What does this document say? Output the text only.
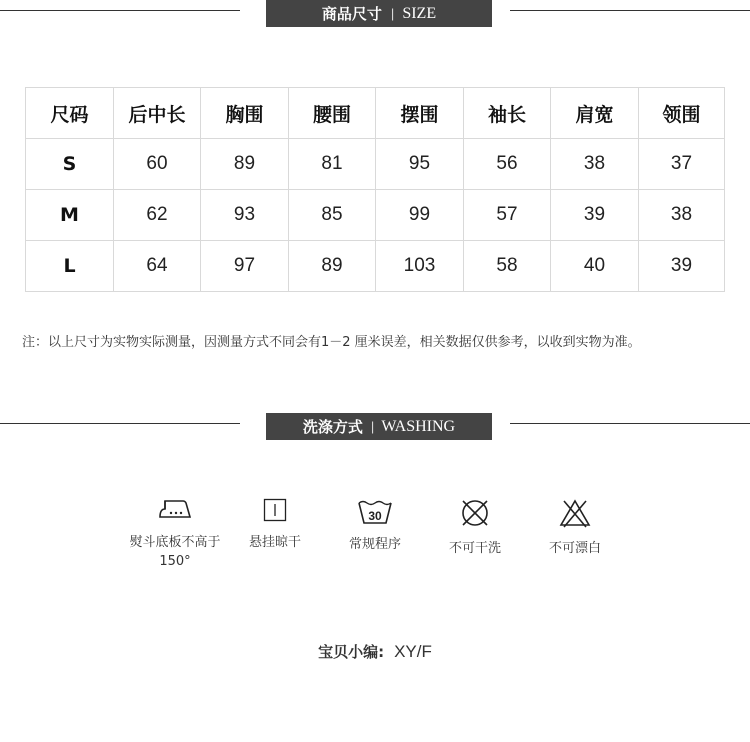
商品尺寸 | SIZE
尺码	后中长	胸围	腰围	摆围	袖长	肩宽	领围
S	60	89	81	95	56	38	37
M	62	93	85	99	57	39	38
L	64	97	89	103	58	40	39
注：以上尺寸为实物实际测量，因测量方式不同会有1－2 厘米误差，相关数据仅供参考，以收到实物为准。
洗涤方式 | WASHING
熨斗底板不高于
150°
悬挂晾干
30
常规程序	不可干洗	不可漂白
宝贝小编: XY/F
